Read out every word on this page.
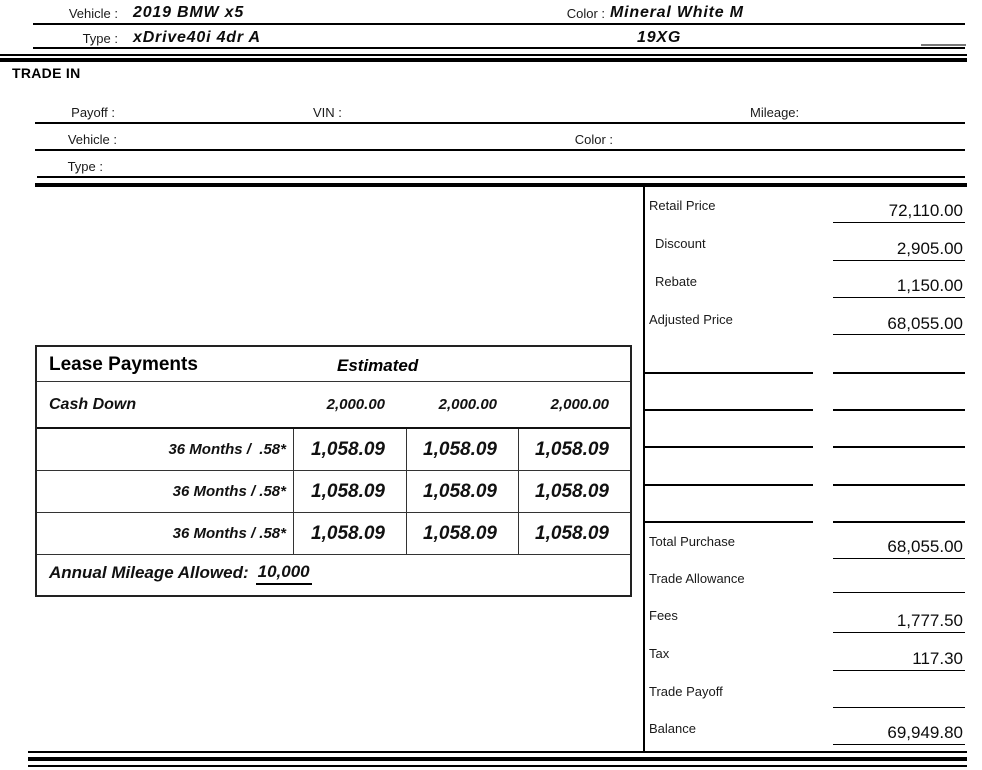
Vehicle : 2019 BMW x5	Color : Mineral White M
Type : xDrive40i 4dr A	19XG
TRADE IN
Payoff :	VIN :	Mileage:
Vehicle :	Color :
Type :
Lease Payments	Estimated
Cash Down	2,000.00	2,000.00	2,000.00
36 Months /  .58*	1,058.09	1,058.09	1,058.09
36 Months / .58*	1,058.09	1,058.09	1,058.09
36 Months / .58*	1,058.09	1,058.09	1,058.09
Annual Mileage Allowed: 10,000
Retail Price	72,110.00
Discount	2,905.00
Rebate	1,150.00
Adjusted Price	68,055.00
Total Purchase	68,055.00
Trade Allowance
Fees	1,777.50
Tax	117.30
Trade Payoff
Balance	69,949.80
